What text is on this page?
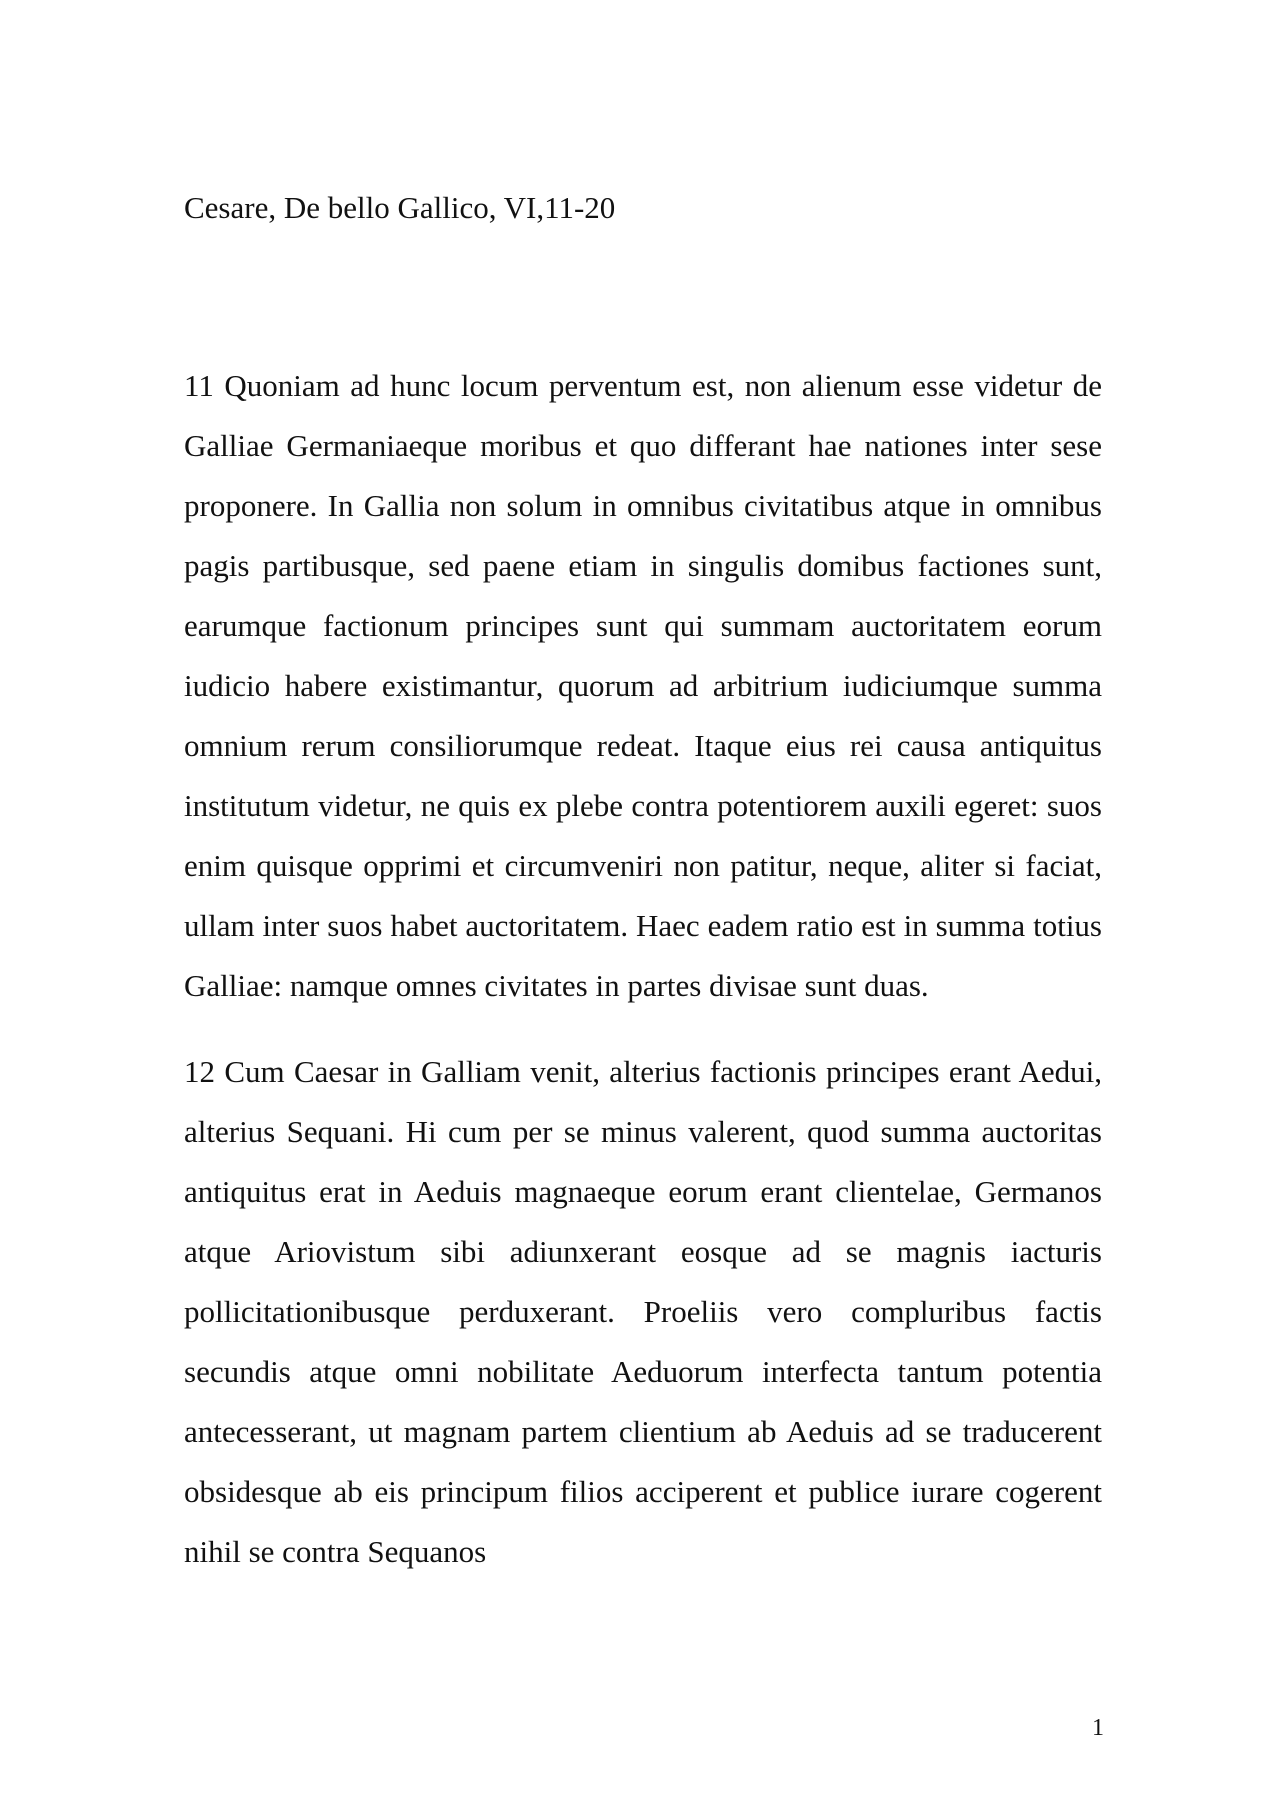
Cesare, De bello Gallico, VI,11-20

11 Quoniam ad hunc locum perventum est, non alienum esse videtur de Galliae Germaniaeque moribus et quo differant hae nationes inter sese proponere. In Gallia non solum in omnibus civitatibus atque in omnibus pagis partibusque, sed paene etiam in singulis domibus factiones sunt, earumque factionum principes sunt qui summam auctoritatem eorum iudicio habere existimantur, quorum ad arbitrium iudiciumque summa omnium rerum consiliorumque redeat. Itaque eius rei causa antiquitus institutum videtur, ne quis ex plebe contra potentiorem auxili egeret: suos enim quisque opprimi et circumveniri non patitur, neque, aliter si faciat, ullam inter suos habet auctoritatem. Haec eadem ratio est in summa totius Galliae: namque omnes civitates in partes divisae sunt duas.

12 Cum Caesar in Galliam venit, alterius factionis principes erant Aedui, alterius Sequani. Hi cum per se minus valerent, quod summa auctoritas antiquitus erat in Aeduis magnaeque eorum erant clientelae, Germanos atque Ariovistum sibi adiunxerant eosque ad se magnis iacturis pollicitationibusque perduxerant. Proeliis vero compluribus factis secundis atque omni nobilitate Aeduorum interfecta tantum potentia antecesserant, ut magnam partem clientium ab Aeduis ad se traducerent obsidesque ab eis principum filios acciperent et publice iurare cogerent nihil se contra Sequanos

1
